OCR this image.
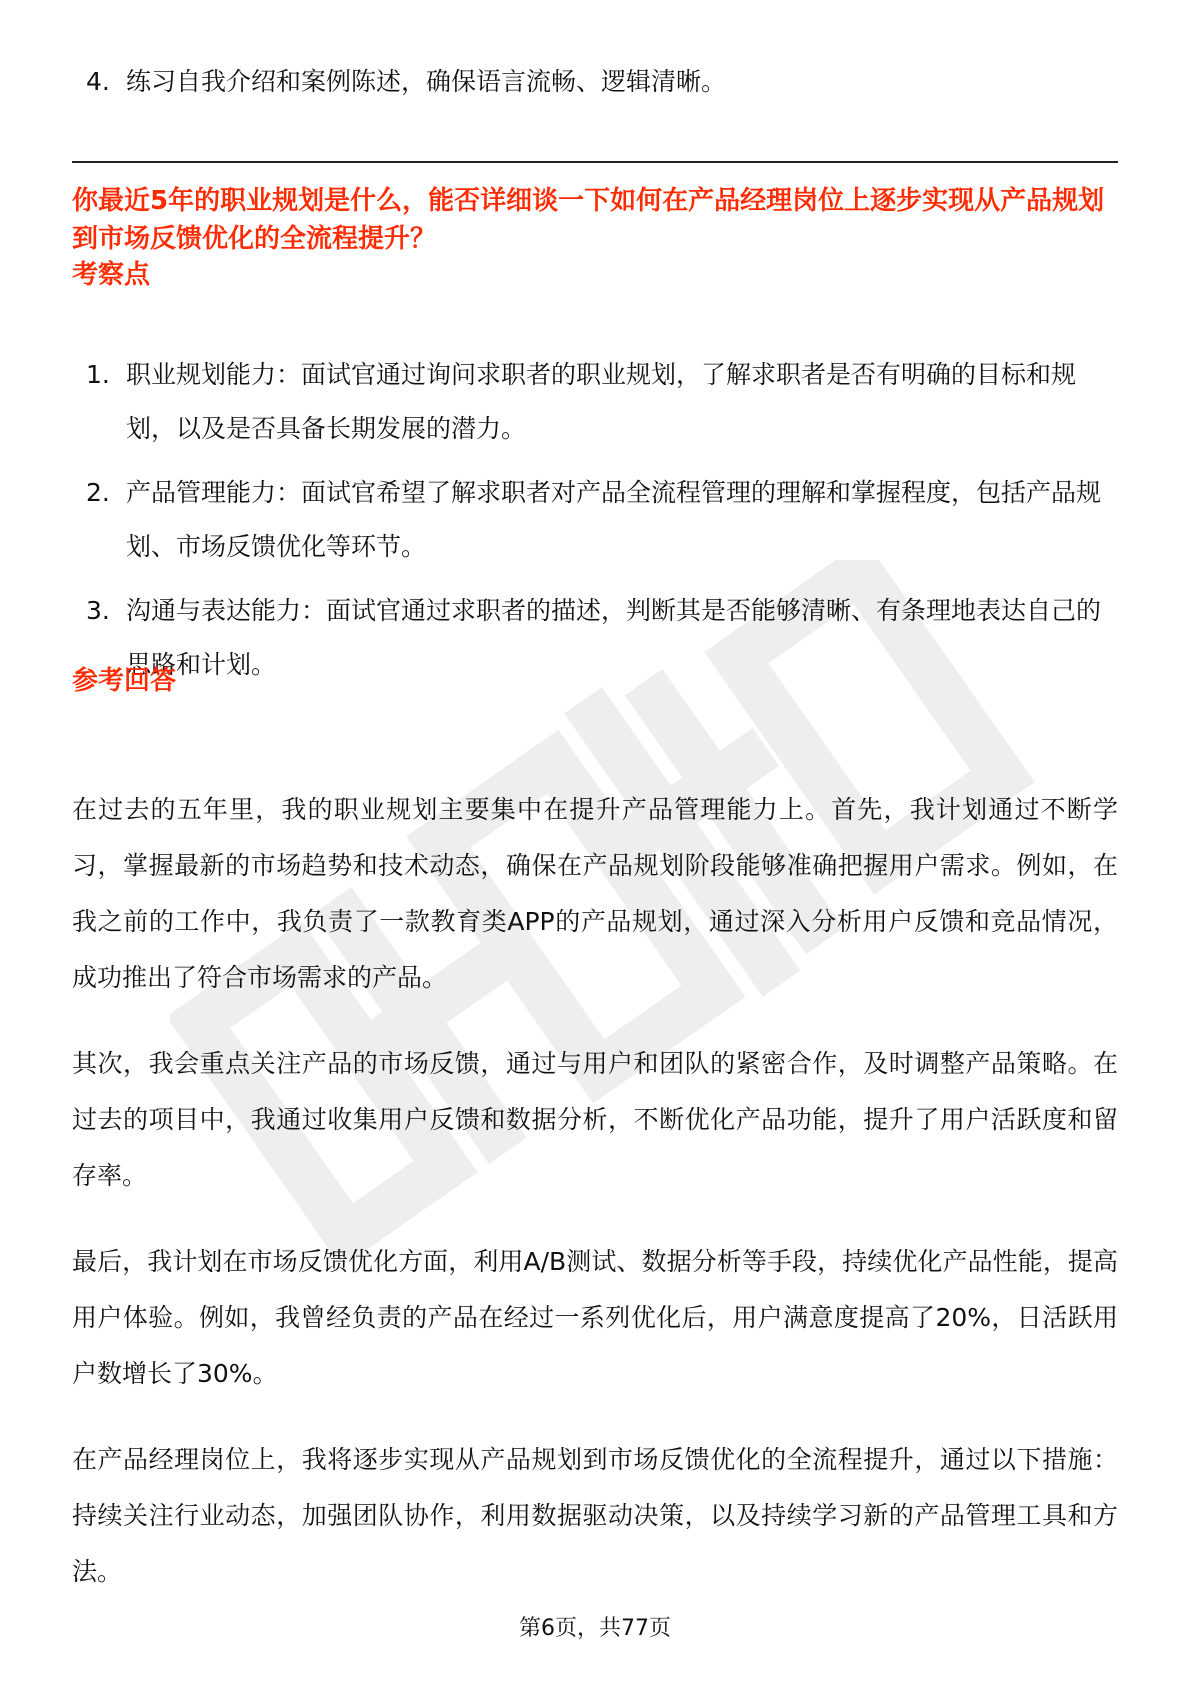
4. 练习自我介绍和案例陈述，确保语言流畅、逻辑清晰。
你最近5年的职业规划是什么，能否详细谈一下如何在产品经理岗位上逐步实现从产品规划到市场反馈优化的全流程提升？
考察点
1. 职业规划能力：面试官通过询问求职者的职业规划，了解求职者是否有明确的目标和规划，以及是否具备长期发展的潜力。
2. 产品管理能力：面试官希望了解求职者对产品全流程管理的理解和掌握程度，包括产品规划、市场反馈优化等环节。
3. 沟通与表达能力：面试官通过求职者的描述，判断其是否能够清晰、有条理地表达自己的思路和计划。
参考回答

在过去的五年里，我的职业规划主要集中在提升产品管理能力上。首先，我计划通过不断学习，掌握最新的市场趋势和技术动态，确保在产品规划阶段能够准确把握用户需求。例如，在我之前的工作中，我负责了一款教育类APP的产品规划，通过深入分析用户反馈和竞品情况，成功推出了符合市场需求的产品。

其次，我会重点关注产品的市场反馈，通过与用户和团队的紧密合作，及时调整产品策略。在过去的项目中，我通过收集用户反馈和数据分析，不断优化产品功能，提升了用户活跃度和留存率。

最后，我计划在市场反馈优化方面，利用A/B测试、数据分析等手段，持续优化产品性能，提高用户体验。例如，我曾经负责的产品在经过一系列优化后，用户满意度提高了20%，日活跃用户数增长了30%。

在产品经理岗位上，我将逐步实现从产品规划到市场反馈优化的全流程提升，通过以下措施：持续关注行业动态，加强团队协作，利用数据驱动决策，以及持续学习新的产品管理工具和方法。

第6页，共77页
